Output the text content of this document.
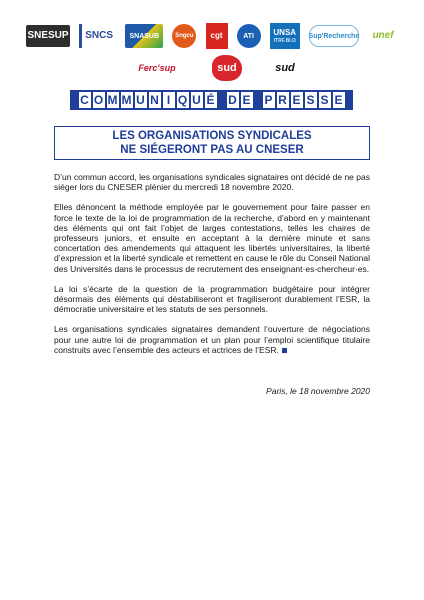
SNESUP	SNCS	SNASUB	Sngcu	cgt	ATI	UNSA
ITRF.BI.O
Sup'Recherche	unef
Ferc'sup	sud	sud
C O M M U N I Q U É D E P R E S S E
LES ORGANISATIONS SYNDICALES
NE SIÉGERONT PAS AU CNESER

D’un commun accord, les organisations syndicales signataires ont décidé de ne pas siéger lors du CNESER plénier du mercredi 18 novembre 2020.

Elles dénoncent la méthode employée par le gouvernement pour faire passer en force le texte de la loi de programmation de la recherche, d’abord en y maintenant des éléments qui ont fait l’objet de larges contestations, telles les chaires de professeurs juniors, et ensuite en acceptant à la dernière minute et sans concertation des amendements qui attaquent les libertés universitaires, la liberté d’expression et la liberté syndicale et remettent en cause le rôle du Conseil National des Universités dans le processus de recrutement des enseignant·es-chercheur·es.

La loi s’écarte de la question de la programmation budgétaire pour intégrer désormais des éléments qui déstabiliseront et fragiliseront durablement l’ESR, la démocratie universitaire et les statuts de ses personnels.

Les organisations syndicales signataires demandent l’ouverture de négociations pour une autre loi de programmation et un plan pour l’emploi scientifique titulaire construits avec l’ensemble des acteurs et actrices de l’ESR.

Paris, le 18 novembre 2020
